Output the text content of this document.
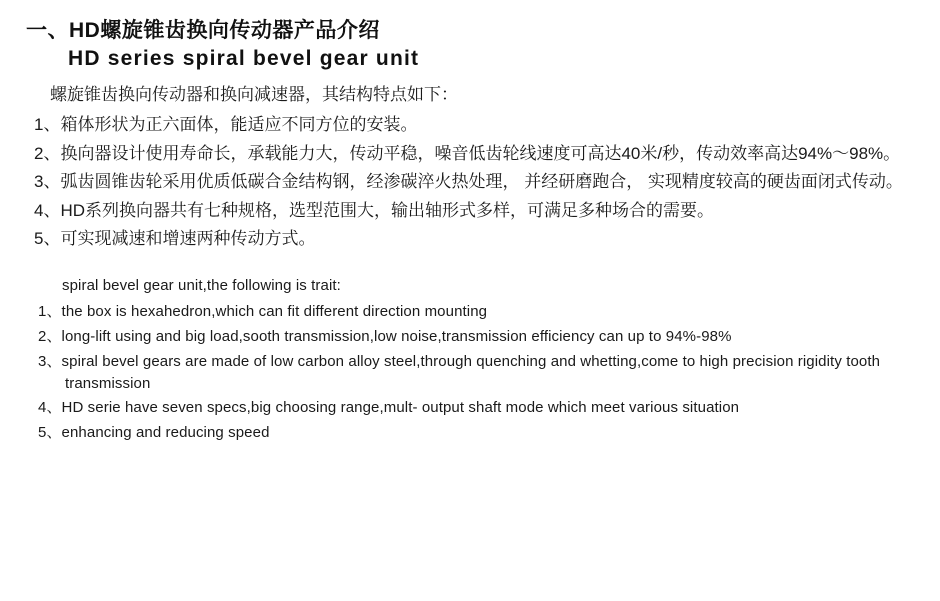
一、HD螺旋锥齿换向传动器产品介绍
HD series spiral bevel gear unit
螺旋锥齿换向传动器和换向减速器，其结构特点如下：
1、箱体形状为正六面体，能适应不同方位的安装。
2、换向器设计使用寿命长，承载能力大，传动平稳，噪音低齿轮线速度可高达40米/秒，传动效率高达94%～98%。
3、弧齿圆锥齿轮采用优质低碳合金结构钢，经渗碳淬火热处理， 并经研磨跑合， 实现精度较高的硬齿面闭式传动。
4、HD系列换向器共有七种规格，选型范围大，输出轴形式多样，可满足多种场合的需要。
5、可实现减速和增速两种传动方式。
spiral bevel gear unit,the following is trait:
1、the box is hexahedron,which can fit different direction mounting
2、long-lift using and big load,sooth transmission,low noise,transmission efficiency can up to 94%-98%
3、spiral bevel gears are made of low carbon alloy steel,through quenching and whetting,come to high precision rigidity tooth transmission
4、HD serie have seven specs,big choosing range,mult- output shaft mode which meet various situation
5、enhancing and reducing speed
